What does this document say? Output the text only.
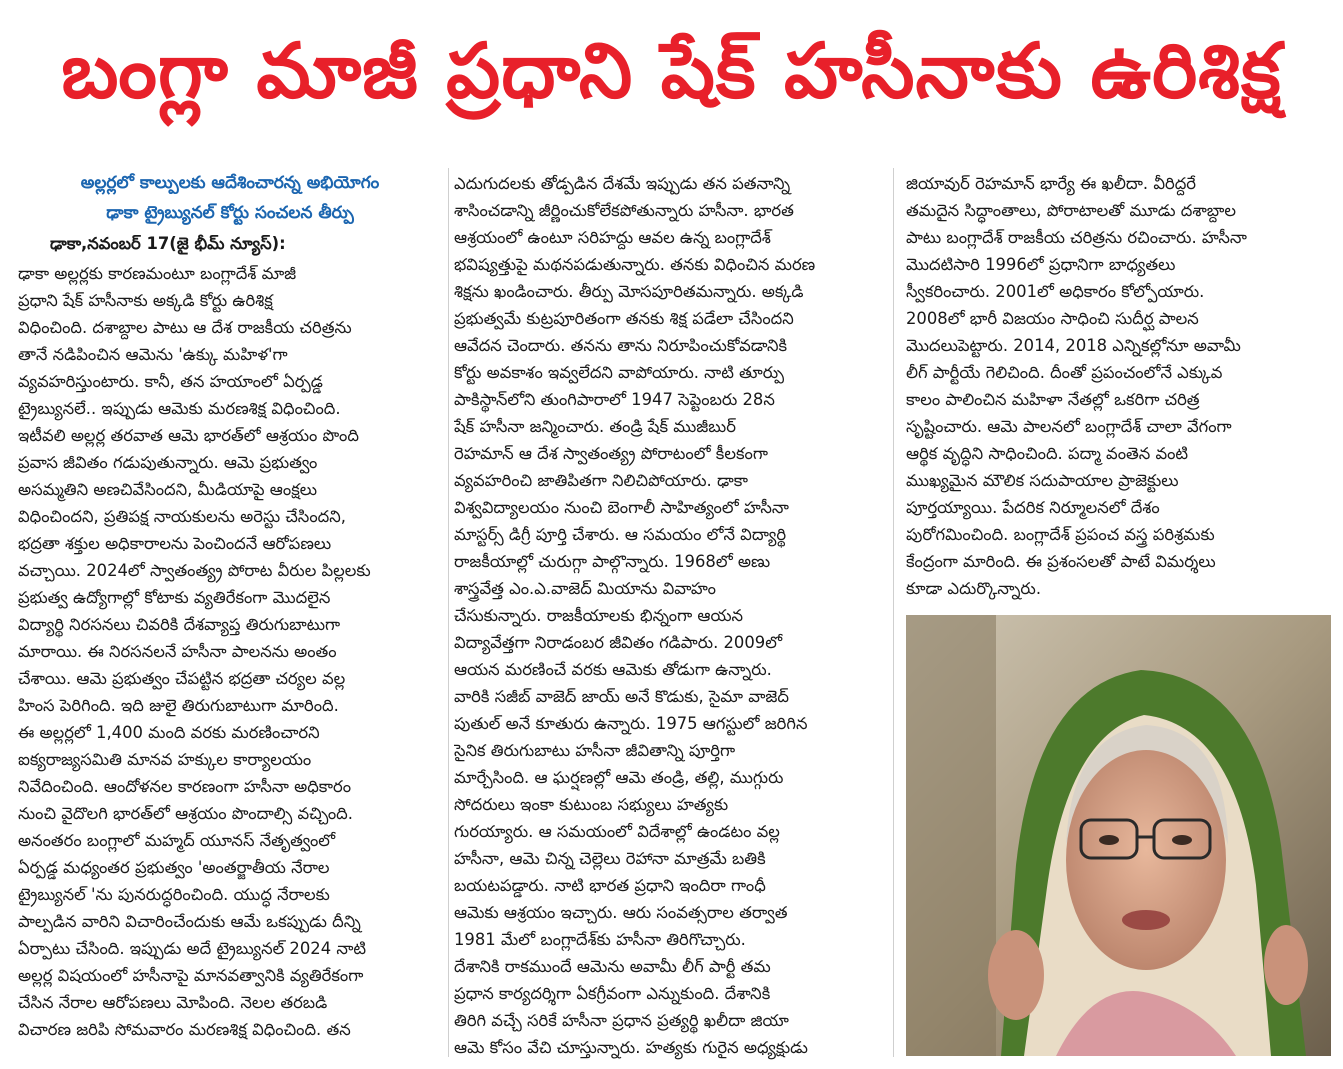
బంగ్లా మాజీ ప్రధాని షేక్ హసీనాకు ఉరిశిక్ష
అల్లర్లలో కాల్పులకు ఆదేశించారన్న అభియోగం
ఢాకా ట్రైబ్యునల్ కోర్టు సంచలన తీర్పు
ఢాకా,నవంబర్ 17(జై భీమ్ న్యూస్):
ఢాకా అల్లర్లకు కారణమంటూ బంగ్లాదేశ్ మాజీ
ప్రధాని షేక్ హసీనాకు అక్కడి కోర్టు ఉరిశిక్ష
విధించింది. దశాబ్దాల పాటు ఆ దేశ రాజకీయ చరిత్రను
తానే నడిపించిన ఆమెను 'ఉక్కు మహిళ'గా
వ్యవహరిస్తుంటారు. కానీ, తన హయాంలో ఏర్పడ్డ
ట్రైబ్యునలే.. ఇప్పుడు ఆమెకు మరణశిక్ష విధించింది.
ఇటీవలి అల్లర్ల తరవాత ఆమె భారత్‌లో ఆశ్రయం పొంది
ప్రవాస జీవితం గడుపుతున్నారు. ఆమె ప్రభుత్వం
అసమ్మతిని అణచివేసిందని, మీడియాపై ఆంక్షలు
విధించిందని, ప్రతిపక్ష నాయకులను అరెస్టు చేసిందని,
భద్రతా శక్తుల అధికారాలను పెంచిందనే ఆరోపణలు
వచ్చాయి. 2024లో స్వాతంత్య్ర పోరాట వీరుల పిల్లలకు
ప్రభుత్వ ఉద్యోగాల్లో కోటాకు వ్యతిరేకంగా మొదలైన
విద్యార్థి నిరసనలు చివరికి దేశవ్యాప్త తిరుగుబాటుగా
మారాయి. ఈ నిరసనలనే హసీనా పాలనను అంతం
చేశాయి. ఆమె ప్రభుత్వం చేపట్టిన భద్రతా చర్యల వల్ల
హింస పెరిగింది. ఇది జులై తిరుగుబాటుగా మారింది.
ఈ అల్లర్లలో 1,400 మంది వరకు మరణించారని
ఐక్యరాజ్యసమితి మానవ హక్కుల కార్యాలయం
నివేదించింది. ఆందోళనల కారణంగా హసీనా అధికారం
నుంచి వైదొలగి భారత్‌లో ఆశ్రయం పొందాల్సి వచ్చింది.
అనంతరం బంగ్లాలో మహ్మద్ యూనస్ నేతృత్వంలో
ఏర్పడ్డ మధ్యంతర ప్రభుత్వం 'అంతర్జాతీయ నేరాల
ట్రైబ్యునల్ 'ను పునరుద్ధరించింది. యుద్ధ నేరాలకు
పాల్పడిన వారిని విచారించేందుకు ఆమే ఒకప్పుడు దీన్ని
ఏర్పాటు చేసింది. ఇప్పుడు అదే ట్రైబ్యునల్ 2024 నాటి
అల్లర్ల విషయంలో హసీనాపై మానవత్వానికి వ్యతిరేకంగా
చేసిన నేరాల ఆరోపణలు మోపింది. నెలల తరబడి
విచారణ జరిపి సోమవారం మరణశిక్ష విధించింది. తన
ఎదుగుదలకు తోడ్పడిన దేశమే ఇప్పుడు తన పతనాన్ని
శాసించడాన్ని జీర్ణించుకోలేకపోతున్నారు హసీనా. భారత
ఆశ్రయంలో ఉంటూ సరిహద్దు ఆవల ఉన్న బంగ్లాదేశ్
భవిష్యత్తుపై మథనపడుతున్నారు. తనకు విధించిన మరణ
శిక్షను ఖండించారు. తీర్పు మోసపూరితమన్నారు. అక్కడి
ప్రభుత్వమే కుట్రపూరితంగా తనకు శిక్ష పడేలా చేసిందని
ఆవేదన చెందారు. తనను తాను నిరూపించుకోవడానికి
కోర్టు అవకాశం ఇవ్వలేదని వాపోయారు. నాటి తూర్పు
పాకిస్థాన్‌లోని తుంగిపారాలో 1947 సెప్టెంబరు 28న
షేక్ హసీనా జన్మించారు. తండ్రి షేక్ ముజీబుర్
రెహమాన్ ఆ దేశ స్వాతంత్య్ర పోరాటంలో కీలకంగా
వ్యవహరించి జాతిపితగా నిలిచిపోయారు. ఢాకా
విశ్వవిద్యాలయం నుంచి బెంగాలీ సాహిత్యంలో హసీనా
మాస్టర్స్ డిగ్రీ పూర్తి చేశారు. ఆ సమయం లోనే విద్యార్థి
రాజకీయాల్లో చురుగ్గా పాల్గొన్నారు. 1968లో అణు
శాస్త్రవేత్త ఎం.ఎ.వాజెద్ మియాను వివాహం
చేసుకున్నారు. రాజకీయాలకు భిన్నంగా ఆయన
విద్యావేత్తగా నిరాడంబర జీవితం గడిపారు. 2009లో
ఆయన మరణించే వరకు ఆమెకు తోడుగా ఉన్నారు.
వారికి సజీబ్ వాజెద్ జాయ్ అనే కొడుకు, సైమా వాజెద్
పుతుల్ అనే కూతురు ఉన్నారు. 1975 ఆగస్టులో జరిగిన
సైనిక తిరుగుబాటు హసీనా జీవితాన్ని పూర్తిగా
మార్చేసింది. ఆ ఘర్షణల్లో ఆమె తండ్రి, తల్లి, ముగ్గురు
సోదరులు ఇంకా కుటుంబ సభ్యులు హత్యకు
గురయ్యారు. ఆ సమయంలో విదేశాల్లో ఉండటం వల్ల
హసీనా, ఆమె చిన్న చెల్లెలు రెహానా మాత్రమే బతికి
బయటపడ్డారు. నాటి భారత ప్రధాని ఇందిరా గాంధీ
ఆమెకు ఆశ్రయం ఇచ్చారు. ఆరు సంవత్సరాల తర్వాత
1981 మేలో బంగ్లాదేశ్‌కు హసీనా తిరిగొచ్చారు.
దేశానికి రాకముందే ఆమెను అవామీ లీగ్ పార్టీ తమ
ప్రధాన కార్యదర్శిగా ఏకగ్రీవంగా ఎన్నుకుంది. దేశానికి
తిరిగి వచ్చే సరికే హసీనా ప్రధాన ప్రత్యర్థి ఖలీదా జియా
ఆమె కోసం వేచి చూస్తున్నారు. హత్యకు గురైన అధ్యక్షుడు
జియావుర్ రెహమాన్ భార్యే ఈ ఖలీదా. వీరిద్దరే
తమదైన సిద్ధాంతాలు, పోరాటాలతో మూడు దశాబ్దాల
పాటు బంగ్లాదేశ్ రాజకీయ చరిత్రను రచించారు. హసీనా
మొదటిసారి 1996లో ప్రధానిగా బాధ్యతలు
స్వీకరించారు. 2001లో అధికారం కోల్పోయారు.
2008లో భారీ విజయం సాధించి సుదీర్ఘ పాలన
మొదలుపెట్టారు. 2014, 2018 ఎన్నికల్లోనూ అవామీ
లీగ్ పార్టీయే గెలిచింది. దీంతో ప్రపంచంలోనే ఎక్కువ
కాలం పాలించిన మహిళా నేతల్లో ఒకరిగా చరిత్ర
సృష్టించారు. ఆమె పాలనలో బంగ్లాదేశ్ చాలా వేగంగా
ఆర్థిక వృద్ధిని సాధించింది. పద్మా వంతెన వంటి
ముఖ్యమైన మౌలిక సదుపాయాల ప్రాజెక్టులు
పూర్తయ్యాయి. పేదరిక నిర్మూలనలో దేశం
పురోగమించింది. బంగ్లాదేశ్ ప్రపంచ వస్త్ర పరిశ్రమకు
కేంద్రంగా మారింది. ఈ ప్రశంసలతో పాటే విమర్శలు
కూడా ఎదుర్కొన్నారు.
